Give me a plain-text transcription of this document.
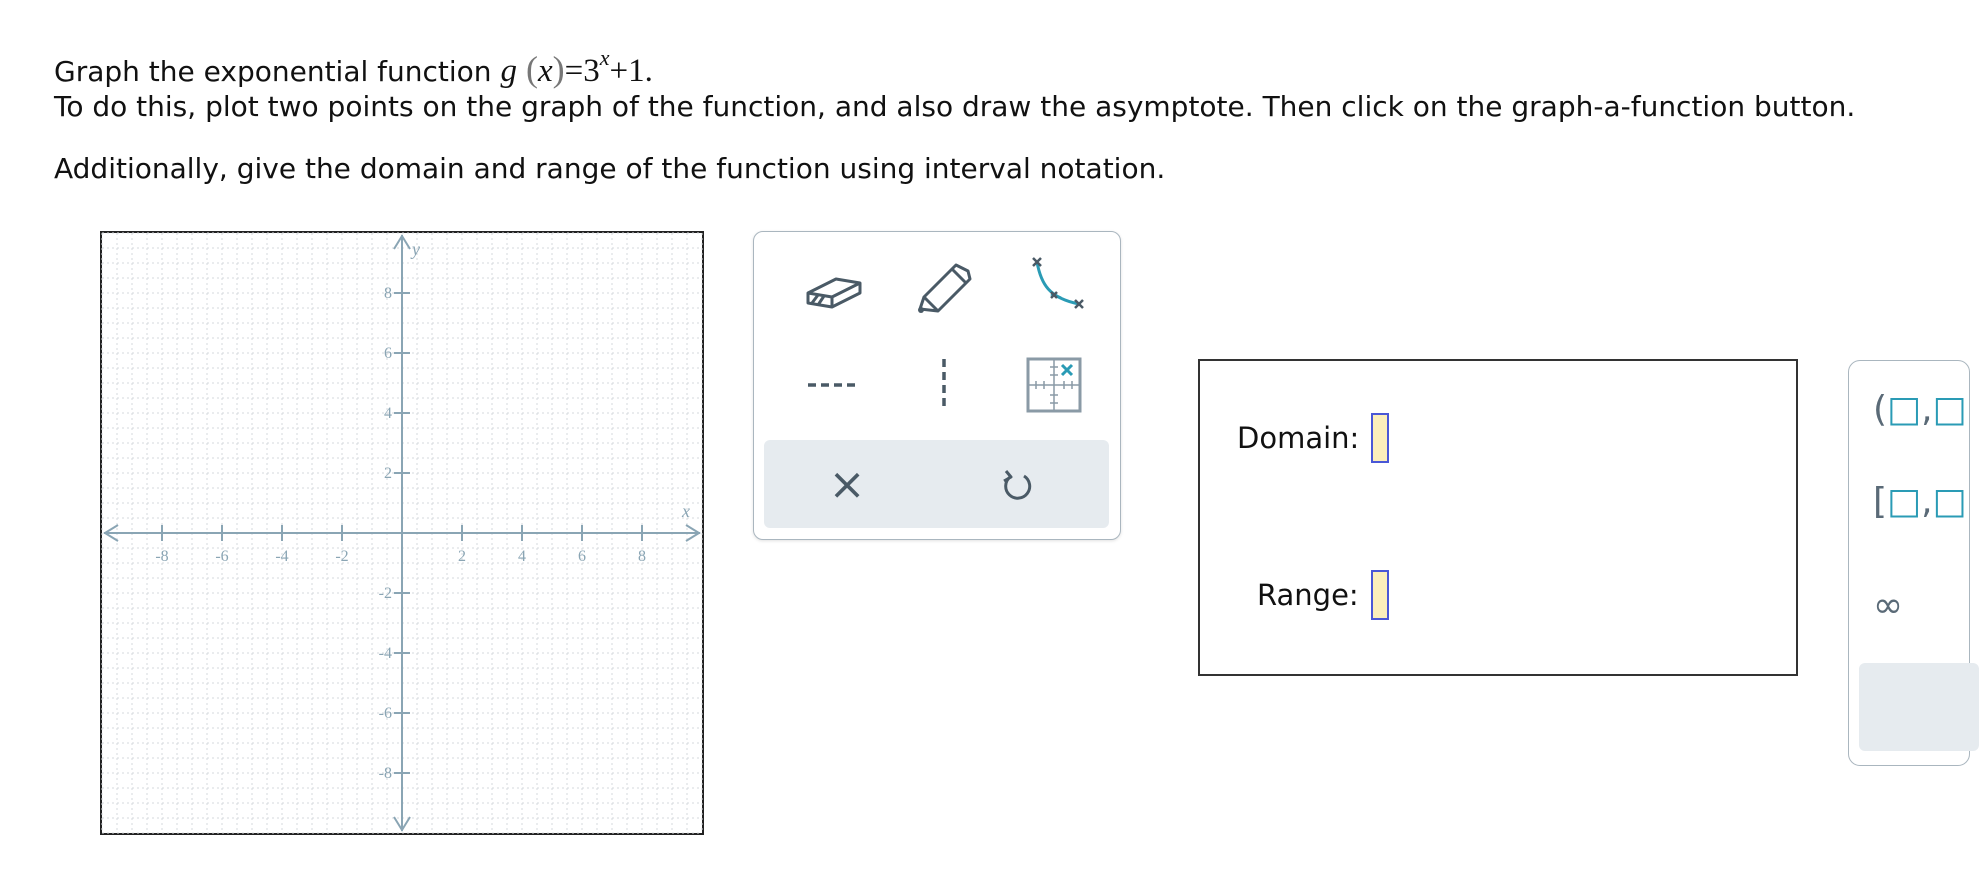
Graph the exponential function g $(x)=3^x+1$.
To do this, plot two points on the graph of the function, and also draw the asymptote. Then click on the graph-a-function button.
Additionally, give the domain and range of the function using interval notation.
-8	-6	-4	-2	2	4	6	8
8
6
4
2
-2
-4
-6
-8
x
y
×
Domain:
Range:
(□,□
[□,□
∞
